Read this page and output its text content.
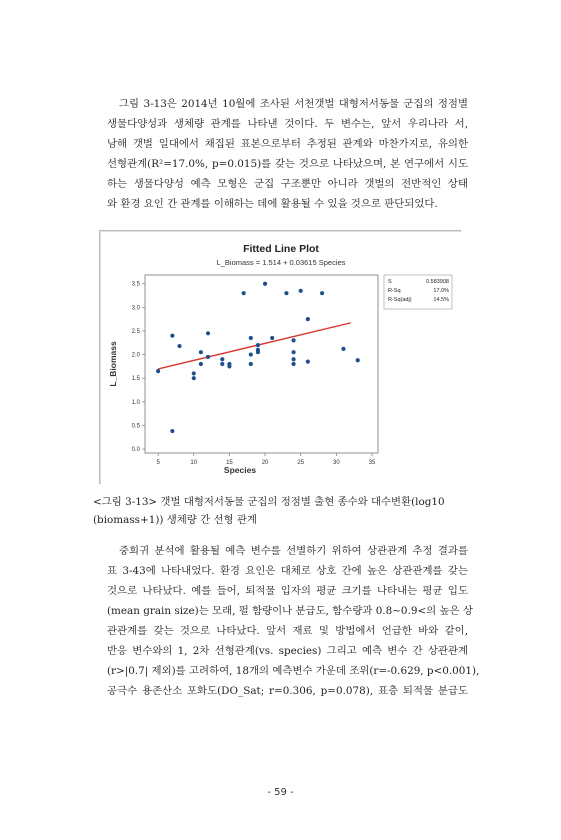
그림 3-13은 2014년 10월에 조사된 서천갯벌 대형저서동물 군집의 정점별
생물다양성과 생체량 관계를 나타낸 것이다. 두 변수는, 앞서 우리나라 서,
남해 갯벌 일대에서 채집된 표본으로부터 추정된 관계와 마찬가지로, 유의한
선형관계(R²=17.0%, p=0.015)를 갖는 것으로 나타났으며, 본 연구에서 시도
하는 생물다양성 예측 모형은 군집 구조뿐만 아니라 갯벌의 전반적인 상태
와 환경 요인 간 관계를 이해하는 데에 활용될 수 있을 것으로 판단되었다.
Fitted Line Plot
L_Biomass = 1.514 + 0.03615 Species
0.0
0.5
1.0
1.5
2.0
2.5
3.0
3.5
5	10	15	20	25	30	35
Species
L_Biomass
S	0.583908
R-Sq	17.0%
R-Sq(adj)	14.5%
<그림 3-13> 갯벌 대형저서동물 군집의 정점별 출현 종수와 대수변환(log10
(biomass+1)) 생체량 간 선형 관계
중회귀 분석에 활용될 예측 변수를 선별하기 위하여 상관관계 추정 결과를
표 3-43에 나타내었다. 환경 요인은 대체로 상호 간에 높은 상관관계를 갖는
것으로 나타났다. 예를 들어, 퇴적물 입자의 평균 크기를 나타내는 평균 입도
(mean grain size)는 모래, 펄 함량이나 분급도, 함수량과 0.8~0.9<의 높은 상
관관계를 갖는 것으로 나타났다. 앞서 재료 및 방법에서 언급한 바와 같이,
반응 변수와의 1, 2차 선형관계(vs. species) 그리고 예측 변수 간 상관관계
(r>|0.7| 제외)를 고려하여, 18개의 예측변수 가운데 조위(r=-0.629, p<0.001),
공극수 용존산소 포화도(DO_Sat; r=0.306, p=0.078), 표층 퇴적물 분급도
- 59 -
